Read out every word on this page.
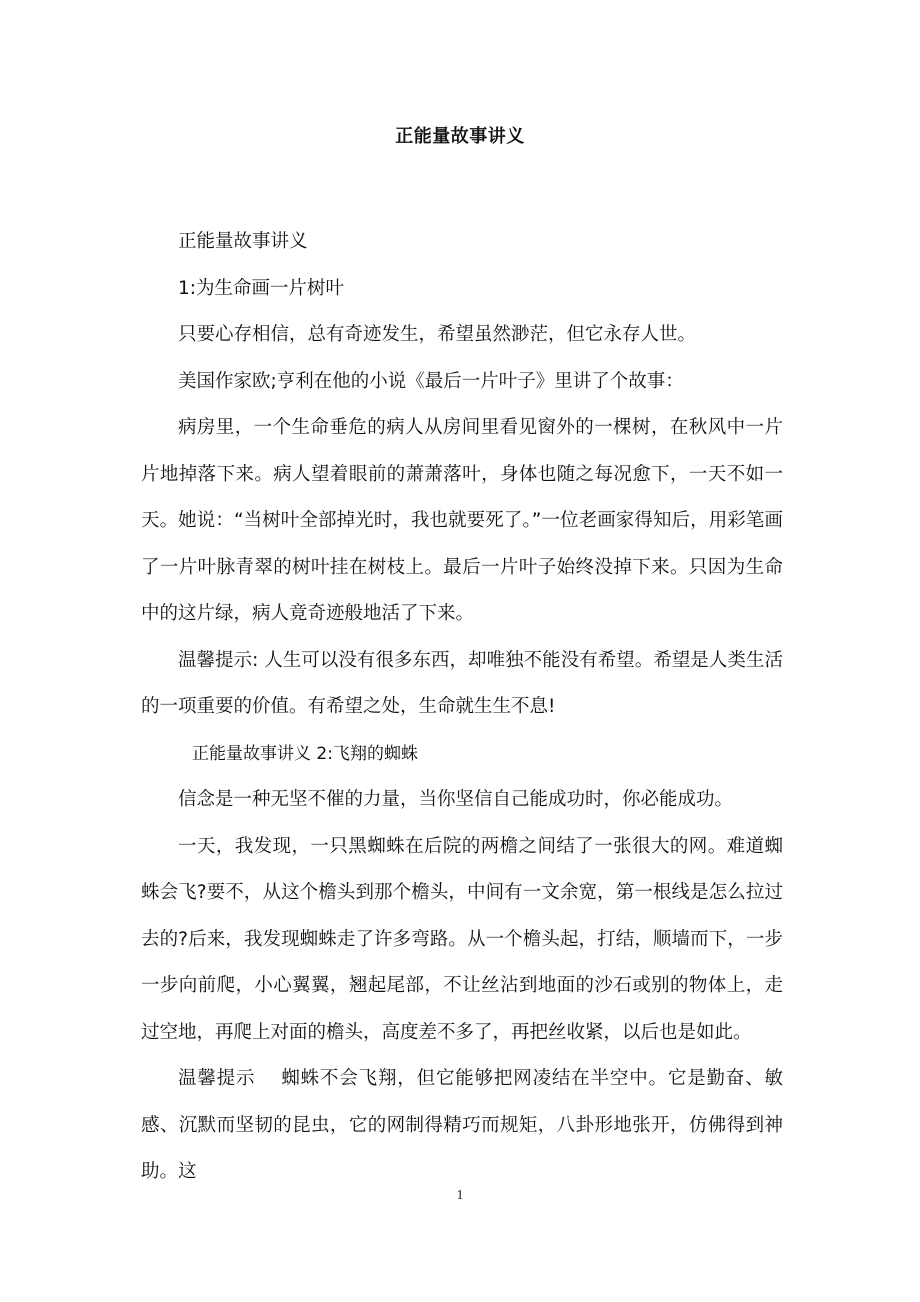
正能量故事讲义

正能量故事讲义

1:为生命画一片树叶

只要心存相信，总有奇迹发生，希望虽然渺茫，但它永存人世。

美国作家欧;亨利在他的小说《最后一片叶子》里讲了个故事：

病房里，一个生命垂危的病人从房间里看见窗外的一棵树，在秋风中一片片地掉落下来。病人望着眼前的萧萧落叶，身体也随之每况愈下，一天不如一天。她说：“当树叶全部掉光时，我也就要死了。”一位老画家得知后，用彩笔画了一片叶脉青翠的树叶挂在树枝上。最后一片叶子始终没掉下来。只因为生命中的这片绿，病人竟奇迹般地活了下来。

温馨提示: 人生可以没有很多东西，却唯独不能没有希望。希望是人类生活的一项重要的价值。有希望之处，生命就生生不息!

正能量故事讲义 2:飞翔的蜘蛛

信念是一种无坚不催的力量，当你坚信自己能成功时，你必能成功。

一天，我发现，一只黑蜘蛛在后院的两檐之间结了一张很大的网。难道蜘蛛会飞?要不，从这个檐头到那个檐头，中间有一文余宽，第一根线是怎么拉过去的?后来，我发现蜘蛛走了许多弯路。从一个檐头起，打结，顺墙而下，一步一步向前爬，小心翼翼，翘起尾部，不让丝沾到地面的沙石或别的物体上，走过空地，再爬上对面的檐头，高度差不多了，再把丝收紧，以后也是如此。

温馨提示　 蜘蛛不会飞翔，但它能够把网凌结在半空中。它是勤奋、敏感、沉默而坚韧的昆虫，它的网制得精巧而规矩，八卦形地张开，仿佛得到神助。这

1
